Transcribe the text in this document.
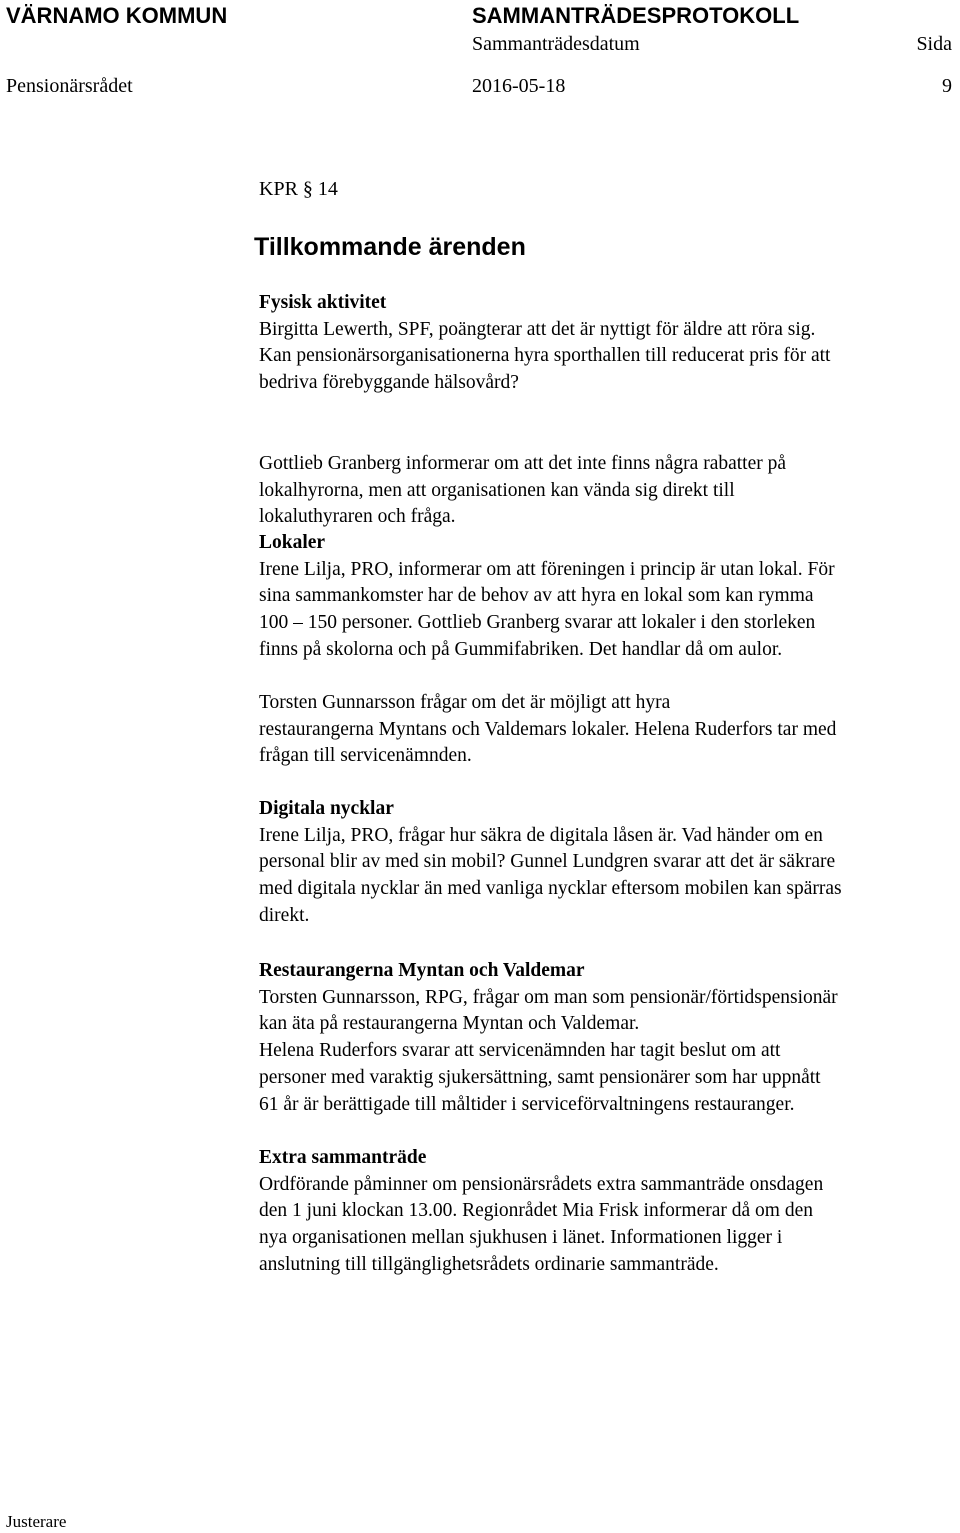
VÄRNAMO KOMMUN	SAMMANTRÄDESPROTOKOLL
Sammanträdesdatum	Sida
Pensionärsrådet	2016-05-18	9
KPR § 14
Tillkommande ärenden
Fysisk aktivitet
Birgitta Lewerth, SPF, poängterar att det är nyttigt för äldre att röra sig.
Kan pensionärsorganisationerna hyra sporthallen till reducerat pris för att
bedriva förebyggande hälsovård?
Gottlieb Granberg informerar om att det inte finns några rabatter på
lokalhyrorna, men att organisationen kan vända sig direkt till
lokaluthyraren och fråga.
Lokaler
Irene Lilja, PRO, informerar om att föreningen i princip är utan lokal. För
sina sammankomster har de behov av att hyra en lokal som kan rymma
100 – 150 personer. Gottlieb Granberg svarar att lokaler i den storleken
finns på skolorna och på Gummifabriken. Det handlar då om aulor.
Torsten Gunnarsson frågar om det är möjligt att hyra
restaurangerna Myntans och Valdemars lokaler. Helena Ruderfors tar med
frågan till servicenämnden.
Digitala nycklar
Irene Lilja, PRO, frågar hur säkra de digitala låsen är. Vad händer om en
personal blir av med sin mobil? Gunnel Lundgren svarar att det är säkrare
med digitala nycklar än med vanliga nycklar eftersom mobilen kan spärras
direkt.
Restaurangerna Myntan och Valdemar
Torsten Gunnarsson, RPG, frågar om man som pensionär/förtidspensionär
kan äta på restaurangerna Myntan och Valdemar.
Helena Ruderfors svarar att servicenämnden har tagit beslut om att
personer med varaktig sjukersättning, samt pensionärer som har uppnått
61 år är berättigade till måltider i serviceförvaltningens restauranger.
Extra sammanträde
Ordförande påminner om pensionärsrådets extra sammanträde onsdagen
den 1 juni klockan 13.00. Regionrådet Mia Frisk informerar då om den
nya organisationen mellan sjukhusen i länet. Informationen ligger i
anslutning till tillgänglighetsrådets ordinarie sammanträde.
Justerare
